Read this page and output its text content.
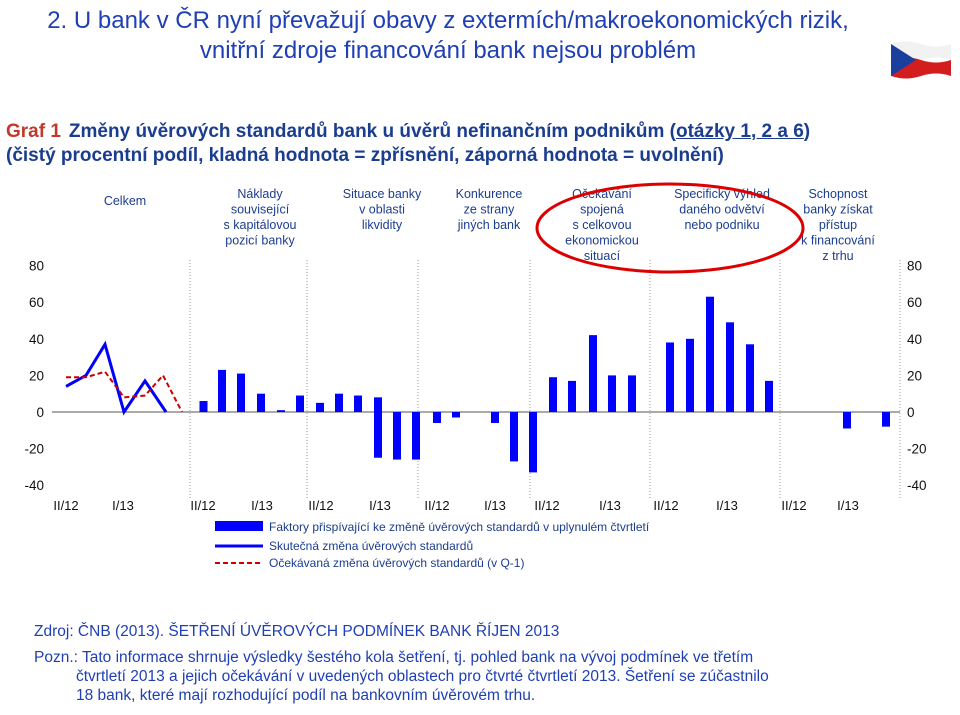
2. U bank v ČR nyní převažují obavy z extermích/makroekonomických rizik,
vnitřní zdroje financování bank nejsou problém
Graf 1 Změny úvěrových standardů bank u úvěrů nefinančním podnikům (otázky 1, 2 a 6)
(čistý procentní podíl, kladná hodnota = zpřísnění, záporná hodnota = uvolnění)
80	80
60	60
40	40
20	20
0	0
-20	-20
-40	-40
Celkem
II/12	I/13
Náklady
související
s kapitálovou
pozicí banky
II/12	I/13
Situace banky
v oblasti
likvidity
II/12	I/13
Konkurence
ze strany
jiných bank
II/12	I/13
Očekávání
spojená
s celkovou
ekonomickou
situací
II/12	I/13
Specifický výhled
daného odvětví
nebo podniku
II/12	I/13
Schopnost
banky získat
přístup
k financování
z trhu
II/12 I/13
Faktory přispívající ke změně úvěrových standardů v uplynulém čtvrtletí
Skutečná změna úvěrových standardů
Očekávaná změna úvěrových standardů (v Q-1)
Zdroj: ČNB (2013). ŠETŘENÍ ÚVĚROVÝCH PODMÍNEK BANK ŘÍJEN 2013
Pozn.: Tato informace shrnuje výsledky šestého kola šetření, tj. pohled bank na vývoj podmínek ve třetím
čtvrtletí 2013 a jejich očekávání v uvedených oblastech pro čtvrté čtvrtletí 2013. Šetření se zúčastnilo
18 bank, které mají rozhodující podíl na bankovním úvěrovém trhu.
